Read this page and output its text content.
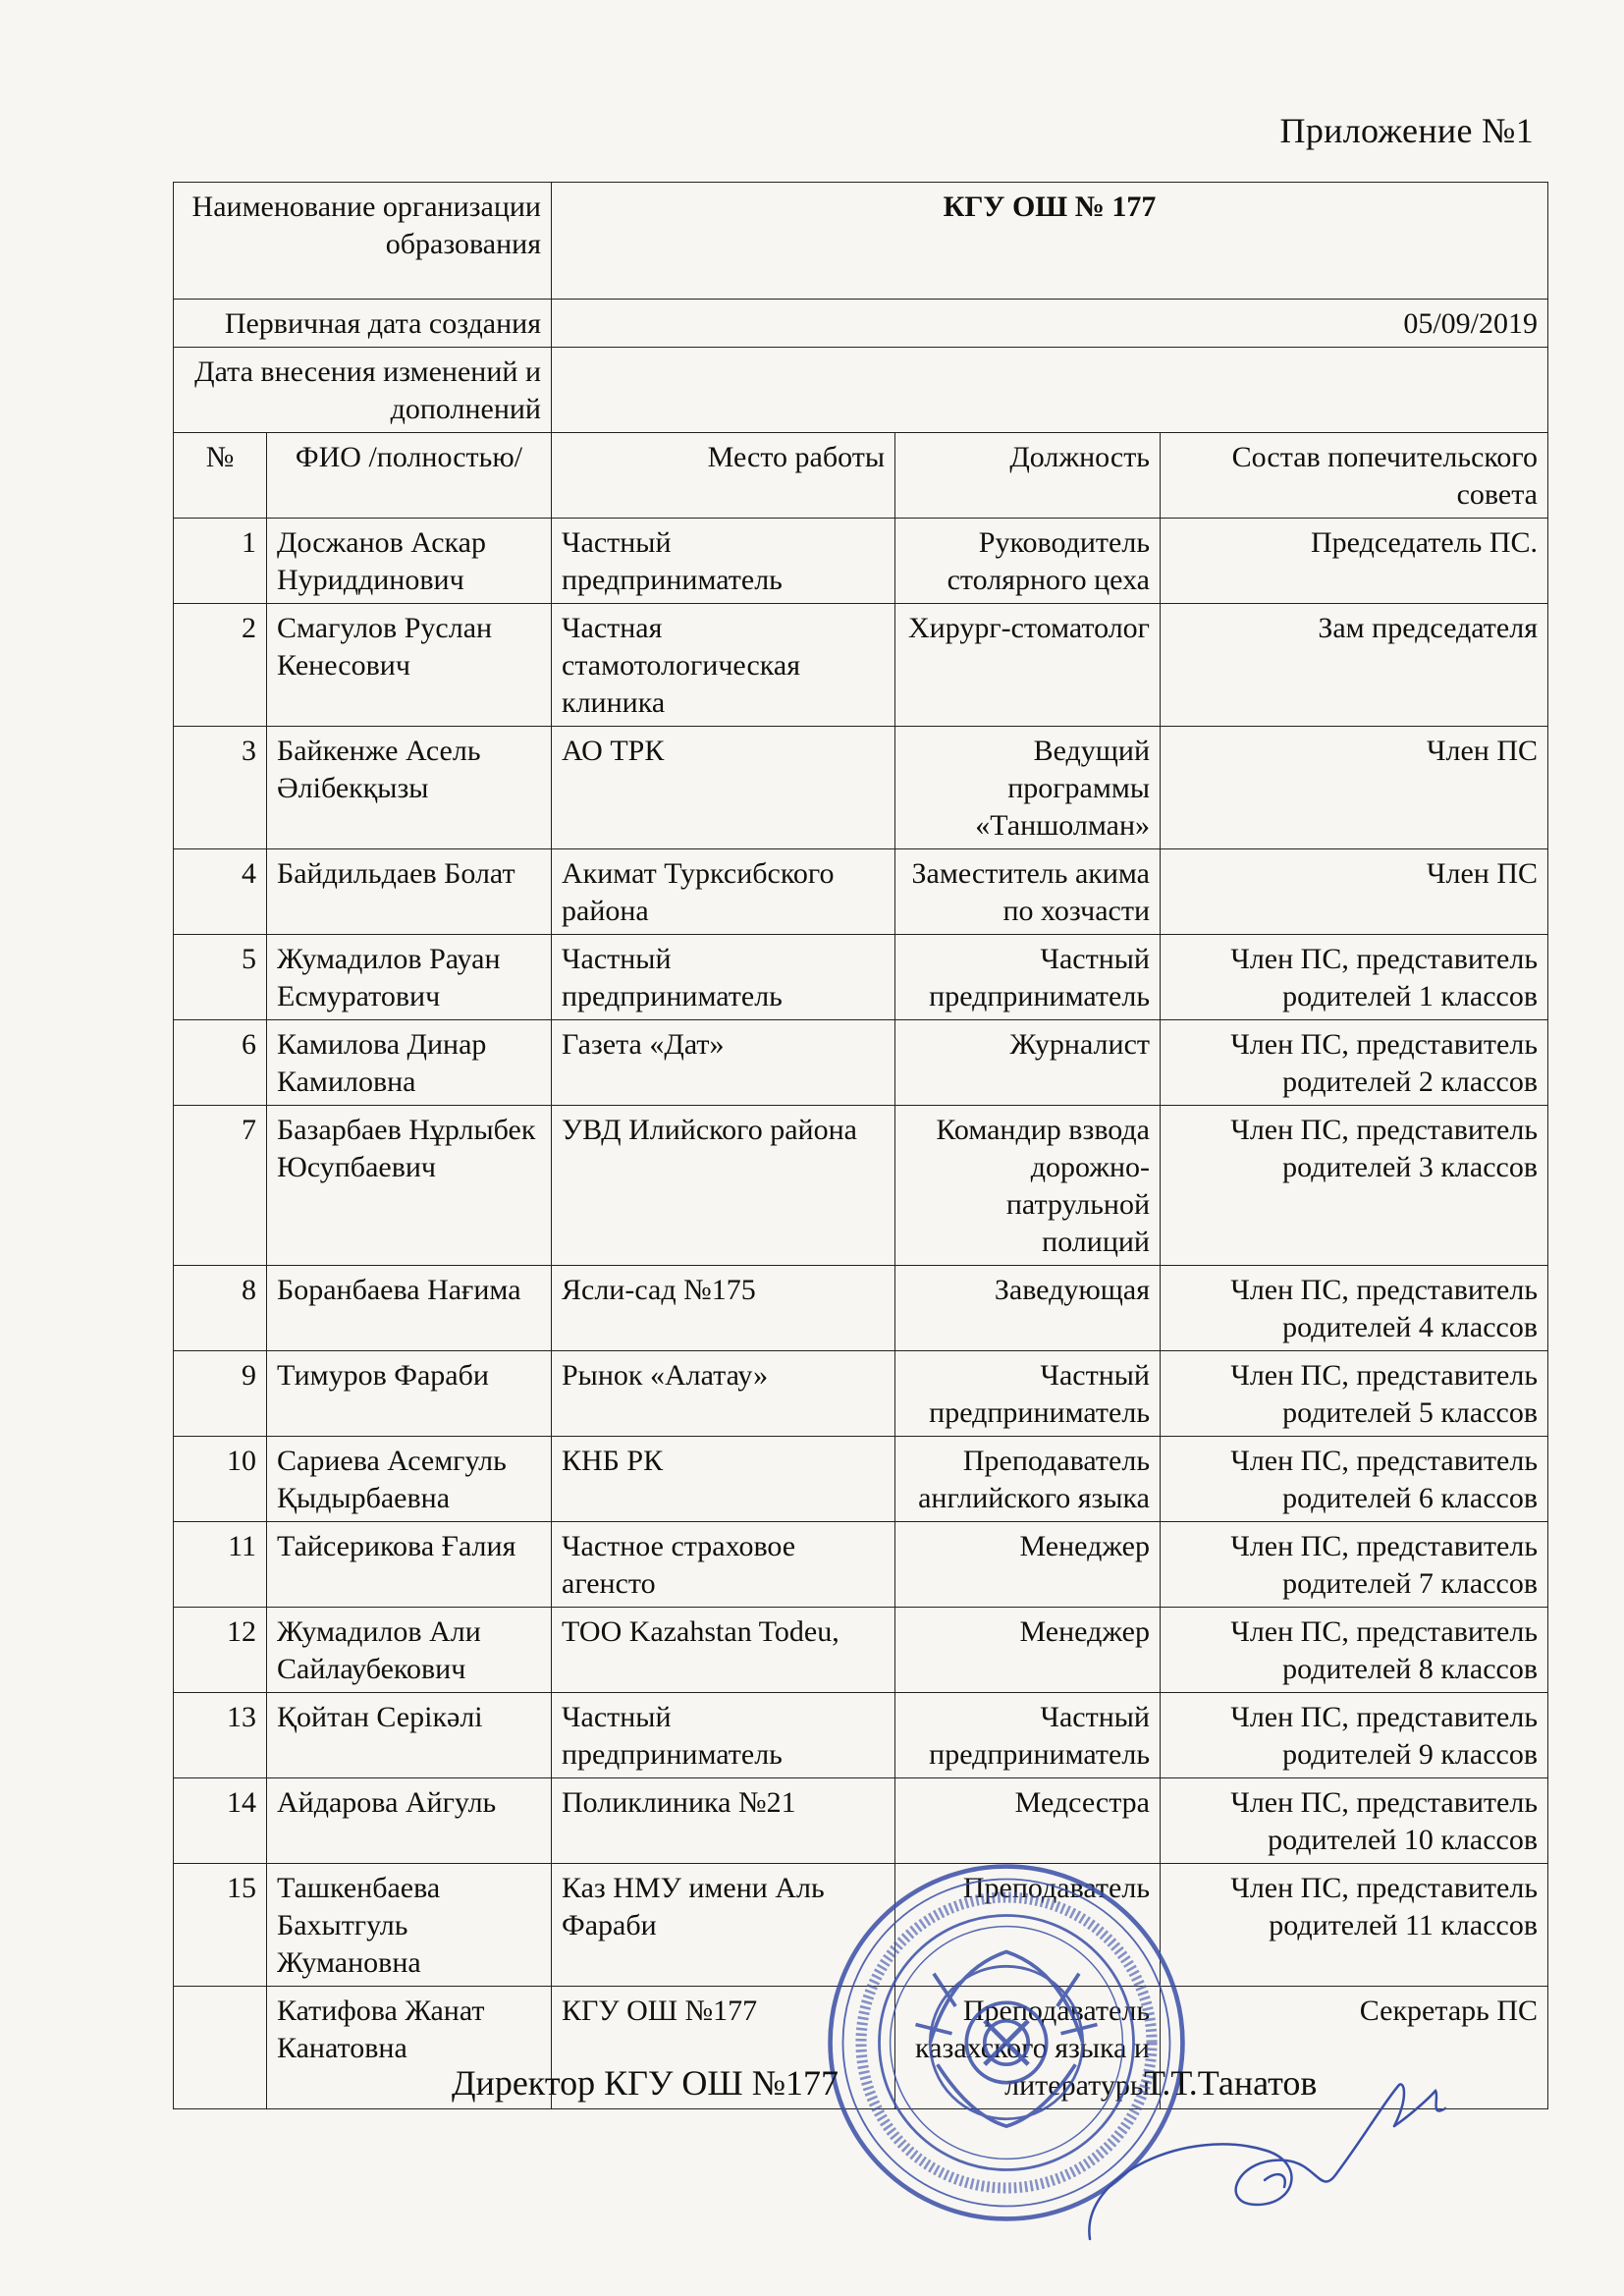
Приложение №1
Наименование организации образования		КГУ ОШ № 177		
Первичная дата создания		05/09/2019		
Дата внесения изменений и дополнений				
№	ФИО /полностью/	Место работы	Должность	Состав попечительского совета
1	Досжанов Аскар Нуриддинович	Частный предприниматель	Руководитель столярного цеха	Председатель ПС.
2	Смагулов Руслан Кенесович	Частная стамотологическая клиника	Хирург-стоматолог	Зам председателя
3	Байкенже Асель Әлібекқызы	АО ТРК	Ведущий программы «Таншолман»	Член ПС
4	Байдильдаев Болат	Акимат Турксибского района	Заместитель акима по хозчасти	Член ПС
5	Жумадилов Рауан Есмуратович	Частный предприниматель	Частный предприниматель	Член ПС, представитель родителей 1 классов
6	Камилова Динар Камиловна	Газета «Дат»	Журналист	Член ПС, представитель родителей 2 классов
7	Базарбаев Нұрлыбек Юсупбаевич	УВД Илийского района	Командир взвода дорожно-патрульной полиций	Член ПС, представитель родителей 3 классов
8	Боранбаева Нағима	Ясли-сад №175	Заведующая	Член ПС, представитель родителей 4 классов
9	Тимуров Фараби	Рынок «Алатау»	Частный предприниматель	Член ПС, представитель родителей 5 классов
10	Сариева Асемгуль Қыдырбаевна	КНБ РК	Преподаватель английского языка	Член ПС, представитель родителей 6 классов
11	Тайсерикова Ғалия	Частное страховое агенсто	Менеджер	Член ПС, представитель родителей 7 классов
12	Жумадилов Али Сайлаубекович	ТОО Kazahstan Todeu,	Менеджер	Член ПС, представитель родителей 8 классов
13	Қойтан Серікәлі	Частный предприниматель	Частный предприниматель	Член ПС, представитель родителей 9 классов
14	Айдарова Айгуль	Поликлиника №21	Медсестра	Член ПС, представитель родителей 10 классов
15	Ташкенбаева Бахытгуль Жумановна	Каз НМУ имени Аль Фараби	Преподаватель	Член ПС, представитель родителей 11 классов
	Катифова Жанат Канатовна	КГУ ОШ №177	Преподаватель казахского языка и литературы	Секретарь ПС
Директор КГУ ОШ №177	Т.Т.Танатов
